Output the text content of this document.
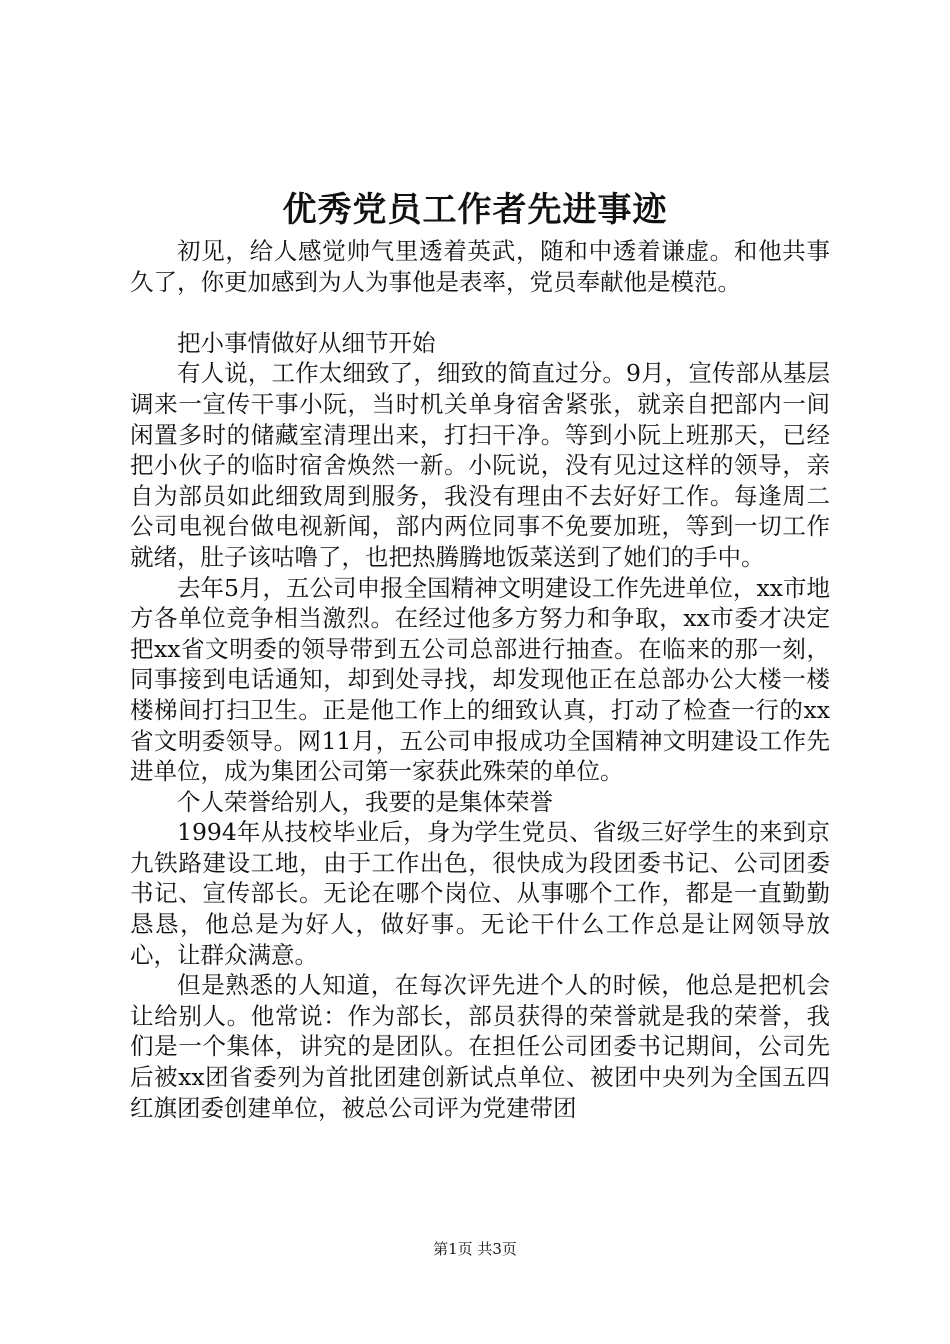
优秀党员工作者先进事迹

初见，给人感觉帅气里透着英武，随和中透着谦虚。和他共事久了，你更加感到为人为事他是表率，党员奉献他是模范。

把小事情做好从细节开始

有人说，工作太细致了，细致的简直过分。9月，宣传部从基层调来一宣传干事小阮，当时机关单身宿舍紧张，就亲自把部内一间闲置多时的储藏室清理出来，打扫干净。等到小阮上班那天，已经把小伙子的临时宿舍焕然一新。小阮说，没有见过这样的领导，亲自为部员如此细致周到服务，我没有理由不去好好工作。每逢周二公司电视台做电视新闻，部内两位同事不免要加班，等到一切工作就绪，肚子该咕噜了，也把热腾腾地饭菜送到了她们的手中。

去年5月，五公司申报全国精神文明建设工作先进单位，xx市地方各单位竞争相当激烈。在经过他多方努力和争取，xx市委才决定把xx省文明委的领导带到五公司总部进行抽查。在临来的那一刻，同事接到电话通知，却到处寻找，却发现他正在总部办公大楼一楼楼梯间打扫卫生。正是他工作上的细致认真，打动了检查一行的xx省文明委领导。网11月，五公司申报成功全国精神文明建设工作先进单位，成为集团公司第一家获此殊荣的单位。

个人荣誉给别人，我要的是集体荣誉

1994年从技校毕业后，身为学生党员、省级三好学生的来到京九铁路建设工地，由于工作出色，很快成为段团委书记、公司团委书记、宣传部长。无论在哪个岗位、从事哪个工作，都是一直勤勤恳恳，他总是为好人，做好事。无论干什么工作总是让网领导放心，让群众满意。

但是熟悉的人知道，在每次评先进个人的时候，他总是把机会让给别人。他常说：作为部长，部员获得的荣誉就是我的荣誉，我们是一个集体，讲究的是团队。在担任公司团委书记期间，公司先后被xx团省委列为首批团建创新试点单位、被团中央列为全国五四红旗团委创建单位，被总公司评为党建带团

第1页 共3页
